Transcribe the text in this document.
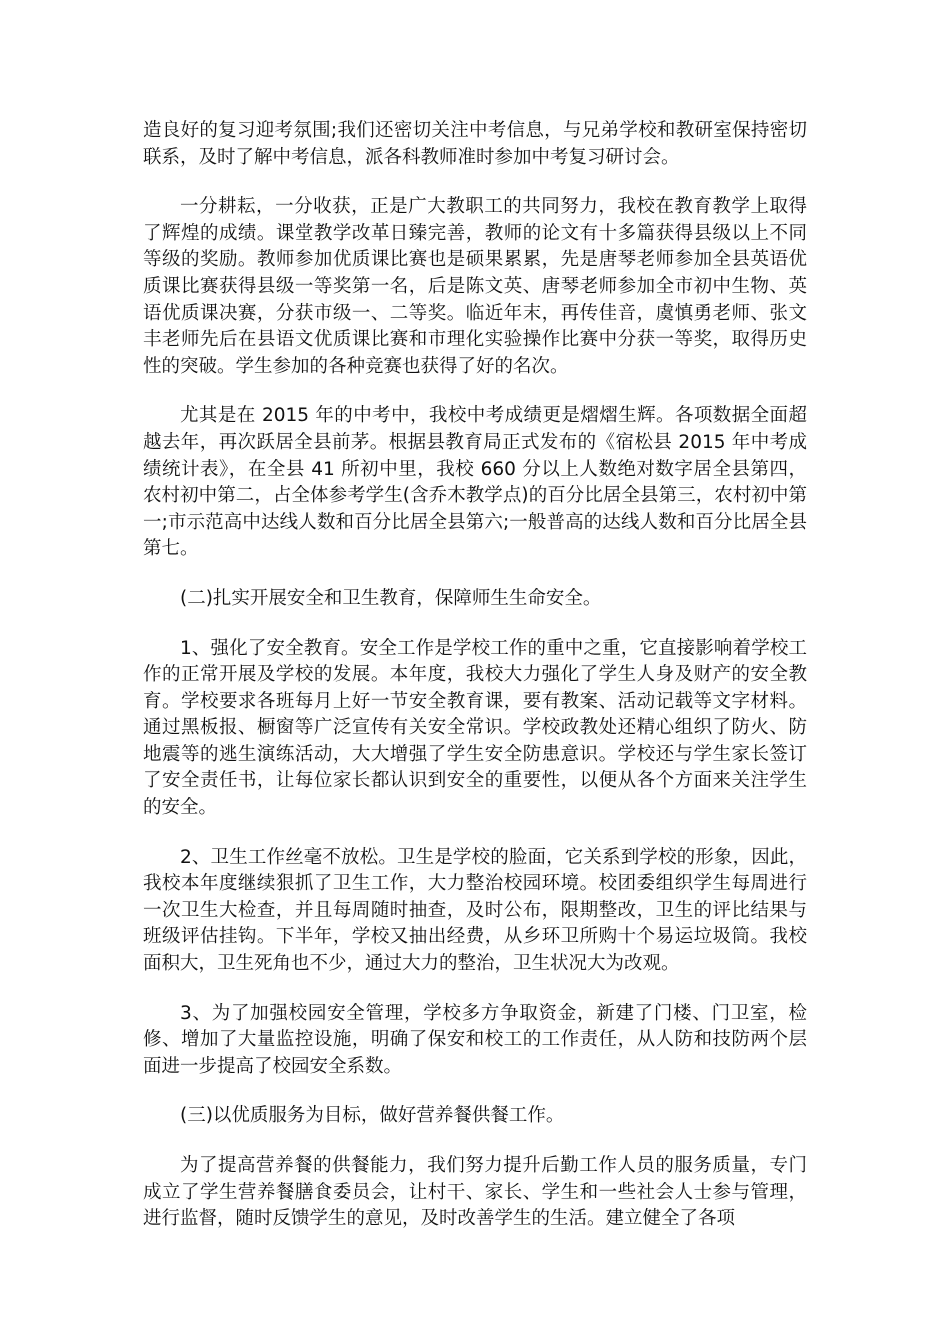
造良好的复习迎考氛围;我们还密切关注中考信息，与兄弟学校和教研室保持密切联系，及时了解中考信息，派各科教师准时参加中考复习研讨会。

一分耕耘，一分收获，正是广大教职工的共同努力，我校在教育教学上取得了辉煌的成绩。课堂教学改革日臻完善，教师的论文有十多篇获得县级以上不同等级的奖励。教师参加优质课比赛也是硕果累累，先是唐琴老师参加全县英语优质课比赛获得县级一等奖第一名，后是陈文英、唐琴老师参加全市初中生物、英语优质课决赛，分获市级一、二等奖。临近年末，再传佳音，虞慎勇老师、张文丰老师先后在县语文优质课比赛和市理化实验操作比赛中分获一等奖，取得历史性的突破。学生参加的各种竞赛也获得了好的名次。

尤其是在 2015 年的中考中，我校中考成绩更是熠熠生辉。各项数据全面超越去年，再次跃居全县前茅。根据县教育局正式发布的《宿松县 2015 年中考成绩统计表》，在全县 41 所初中里，我校 660 分以上人数绝对数字居全县第四，农村初中第二，占全体参考学生(含乔木教学点)的百分比居全县第三，农村初中第一;市示范高中达线人数和百分比居全县第六;一般普高的达线人数和百分比居全县第七。

(二)扎实开展安全和卫生教育，保障师生生命安全。

1、强化了安全教育。安全工作是学校工作的重中之重，它直接影响着学校工作的正常开展及学校的发展。本年度，我校大力强化了学生人身及财产的安全教育。学校要求各班每月上好一节安全教育课，要有教案、活动记载等文字材料。通过黑板报、橱窗等广泛宣传有关安全常识。学校政教处还精心组织了防火、防地震等的逃生演练活动，大大增强了学生安全防患意识。学校还与学生家长签订了安全责任书，让每位家长都认识到安全的重要性，以便从各个方面来关注学生的安全。

2、卫生工作丝毫不放松。卫生是学校的脸面，它关系到学校的形象，因此，我校本年度继续狠抓了卫生工作，大力整治校园环境。校团委组织学生每周进行一次卫生大检查，并且每周随时抽查，及时公布，限期整改，卫生的评比结果与班级评估挂钩。下半年，学校又抽出经费，从乡环卫所购十个易运垃圾筒。我校面积大，卫生死角也不少，通过大力的整治，卫生状况大为改观。

3、为了加强校园安全管理，学校多方争取资金，新建了门楼、门卫室，检修、增加了大量监控设施，明确了保安和校工的工作责任，从人防和技防两个层面进一步提高了校园安全系数。

(三)以优质服务为目标，做好营养餐供餐工作。

为了提高营养餐的供餐能力，我们努力提升后勤工作人员的服务质量，专门成立了学生营养餐膳食委员会，让村干、家长、学生和一些社会人士参与管理，进行监督，随时反馈学生的意见，及时改善学生的生活。建立健全了各项
